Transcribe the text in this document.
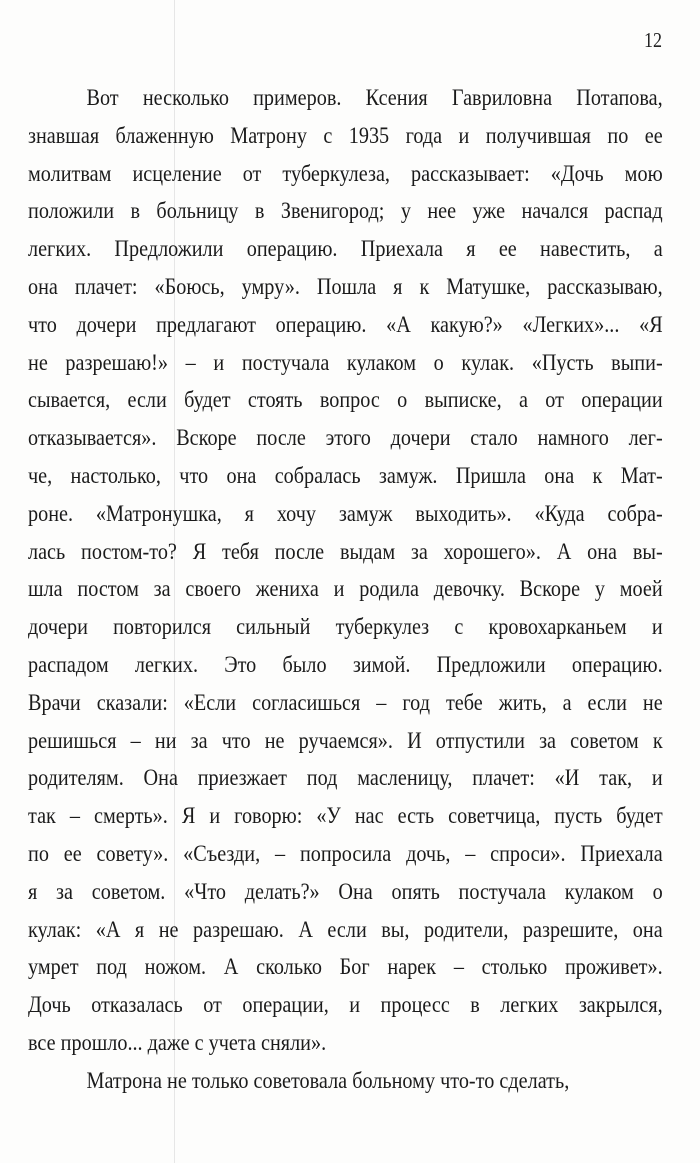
12
Вот несколько примеров. Ксения Гавриловна Потапова,
знавшая блаженную Матрону с 1935 года и получившая по ее
молитвам исцеление от туберкулеза, рассказывает: «Дочь мою
положили в больницу в Звенигород; у нее уже начался распад
легких. Предложили операцию. Приехала я ее навестить, а
она плачет: «Боюсь, умру». Пошла я к Матушке, рассказываю,
что дочери предлагают операцию. «А какую?» «Легких»... «Я
не разрешаю!» – и постучала кулаком о кулак. «Пусть выпи-
сывается, если будет стоять вопрос о выписке, а от операции
отказывается». Вскоре после этого дочери стало намного лег-
че, настолько, что она собралась замуж. Пришла она к Мат-
роне. «Матронушка, я хочу замуж выходить». «Куда собра-
лась постом-то? Я тебя после выдам за хорошего». А она вы-
шла постом за своего жениха и родила девочку. Вскоре у моей
дочери повторился сильный туберкулез с кровохарканьем и
распадом легких. Это было зимой. Предложили операцию.
Врачи сказали: «Если согласишься – год тебе жить, а если не
решишься – ни за что не ручаемся». И отпустили за советом к
родителям. Она приезжает под масленицу, плачет: «И так, и
так – смерть». Я и говорю: «У нас есть советчица, пусть будет
по ее совету». «Съезди, – попросила дочь, – спроси». Приехала
я за советом. «Что делать?» Она опять постучала кулаком о
кулак: «А я не разрешаю. А если вы, родители, разрешите, она
умрет под ножом. А сколько Бог нарек – столько проживет».
Дочь отказалась от операции, и процесс в легких закрылся,
все прошло... даже с учета сняли».
Матрона не только советовала больному что-то сделать,
